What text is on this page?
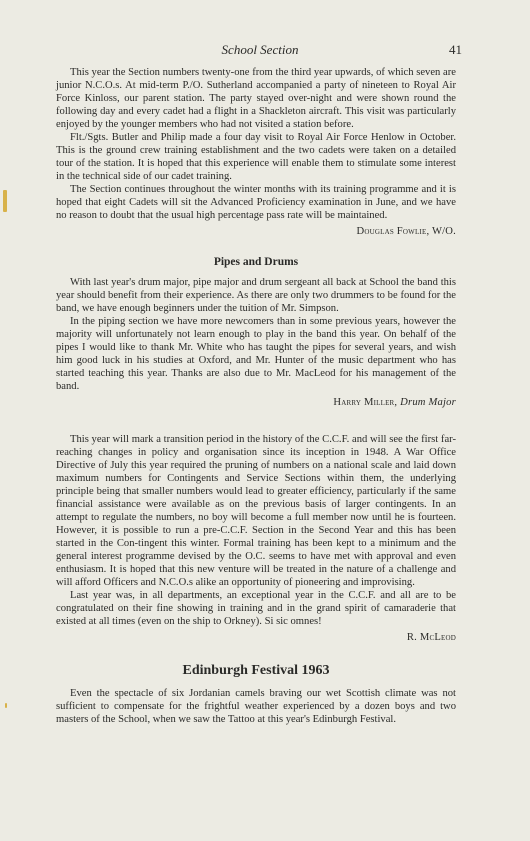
School Section	41

This year the Section numbers twenty-one from the third year upwards, of which seven are junior N.C.O.s. At mid-term P./O. Sutherland accompanied a party of nineteen to Royal Air Force Kinloss, our parent station. The party stayed over-night and were shown round the following day and every cadet had a flight in a Shackleton aircraft. This visit was particularly enjoyed by the younger members who had not visited a station before.

Flt./Sgts. Butler and Philip made a four day visit to Royal Air Force Henlow in October. This is the ground crew training establishment and the two cadets were taken on a detailed tour of the station. It is hoped that this experience will enable them to stimulate some interest in the technical side of our cadet training.

The Section continues throughout the winter months with its training programme and it is hoped that eight Cadets will sit the Advanced Proficiency examination in June, and we have no reason to doubt that the usual high percentage pass rate will be maintained.

Douglas Fowlie, W/O.
Pipes and Drums

With last year's drum major, pipe major and drum sergeant all back at School the band this year should benefit from their experience. As there are only two drummers to be found for the band, we have enough beginners under the tuition of Mr. Simpson.

In the piping section we have more newcomers than in some previous years, however the majority will unfortunately not learn enough to play in the band this year. On behalf of the pipes I would like to thank Mr. White who has taught the pipes for several years, and wish him good luck in his studies at Oxford, and Mr. Hunter of the music department who has started teaching this year. Thanks are also due to Mr. MacLeod for his management of the band.

Harry Miller, Drum Major

This year will mark a transition period in the history of the C.C.F. and will see the first far-reaching changes in policy and organisation since its inception in 1948. A War Office Directive of July this year required the pruning of numbers on a national scale and laid down maximum numbers for Contingents and Service Sections within them, the underlying principle being that smaller numbers would lead to greater efficiency, particularly if the same financial assistance were available as on the previous basis of larger contingents. In an attempt to regulate the numbers, no boy will become a full member now until he is fourteen. However, it is possible to run a pre-C.C.F. Section in the Second Year and this has been started in the Con-tingent this winter. Formal training has been kept to a minimum and the general interest programme devised by the O.C. seems to have met with approval and even enthusiasm. It is hoped that this new venture will be treated in the nature of a challenge and will afford Officers and N.C.O.s alike an opportunity of pioneering and improvising.

Last year was, in all departments, an exceptional year in the C.C.F. and all are to be congratulated on their fine showing in training and in the grand spirit of camaraderie that existed at all times (even on the ship to Orkney). Si sic omnes!

R. McLeod
Edinburgh Festival 1963

Even the spectacle of six Jordanian camels braving our wet Scottish climate was not sufficient to compensate for the frightful weather experienced by a dozen boys and two masters of the School, when we saw the Tattoo at this year's Edinburgh Festival.
